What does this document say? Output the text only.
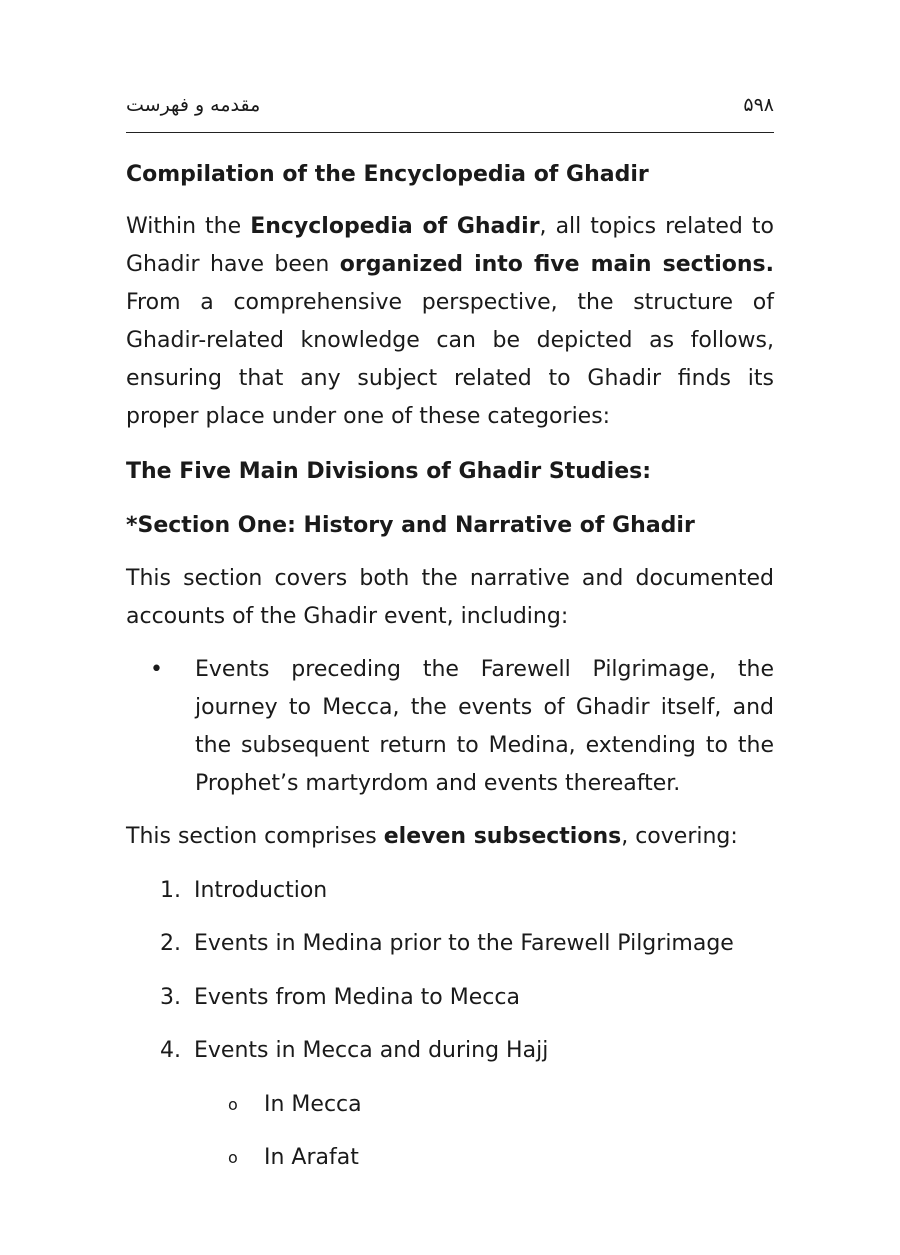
مقدمه و فهرست	۵۹۸
Compilation of the Encyclopedia of Ghadir
Within the Encyclopedia of Ghadir, all topics related to Ghadir have been organized into five main sections. From a comprehensive perspective, the structure of Ghadir-related knowledge can be depicted as follows, ensuring that any subject related to Ghadir finds its proper place under one of these categories:
The Five Main Divisions of Ghadir Studies:
*Section One: History and Narrative of Ghadir
This section covers both the narrative and documented accounts of the Ghadir event, including:
• Events preceding the Farewell Pilgrimage, the journey to Mecca, the events of Ghadir itself, and the subsequent return to Medina, extending to the Prophet’s martyrdom and events thereafter.
This section comprises eleven subsections, covering:
1. Introduction
2. Events in Medina prior to the Farewell Pilgrimage
3. Events from Medina to Mecca
4. Events in Mecca and during Hajj
o In Mecca
o In Arafat
